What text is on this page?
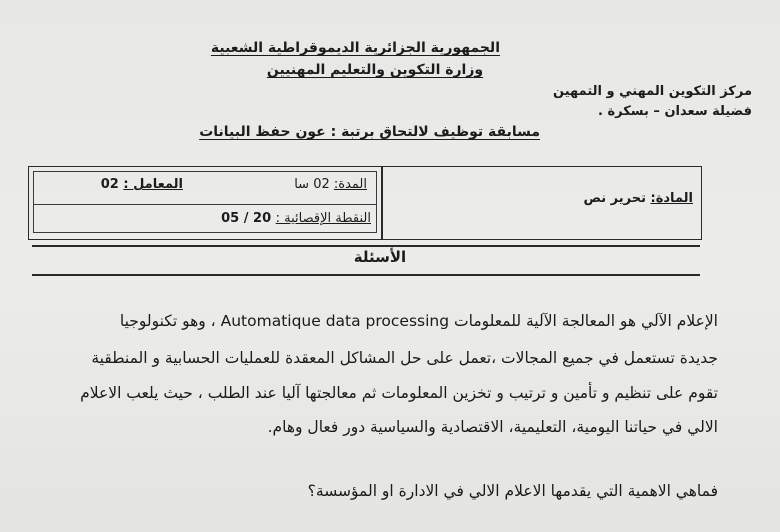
الجمهورية الجزائرية الديموقراطية الشعبية
وزارة التكوين والتعليم المهنيين
مركز التكوين المهني و التمهين
فضيلة سعدان – بسكرة .
مسابقة توظيف لالتحاق برتبة : عون حفظ البيانات
المادة: تحرير نص
المدة: 02 سا
المعامل : 02
النقطة الإقصائية : 05 / 20
الأسئلة
الإعلام الآلي هو المعالجة الآلية للمعلومات Automatique data processing ، وهو تكنولوجيا
جديدة تستعمل في جميع المجالات ،تعمل على حل المشاكل المعقدة للعمليات الحسابية و المنطقية
تقوم على تنظيم و تأمين و ترتيب و تخزين المعلومات ثم معالجتها آليا عند الطلب ، حيث يلعب الاعلام
الالي في حياتنا اليومية، التعليمية، الاقتصادية والسياسية دور فعال وهام.
فماهي الاهمية التي يقدمها الاعلام الالي في الادارة او المؤسسة؟
